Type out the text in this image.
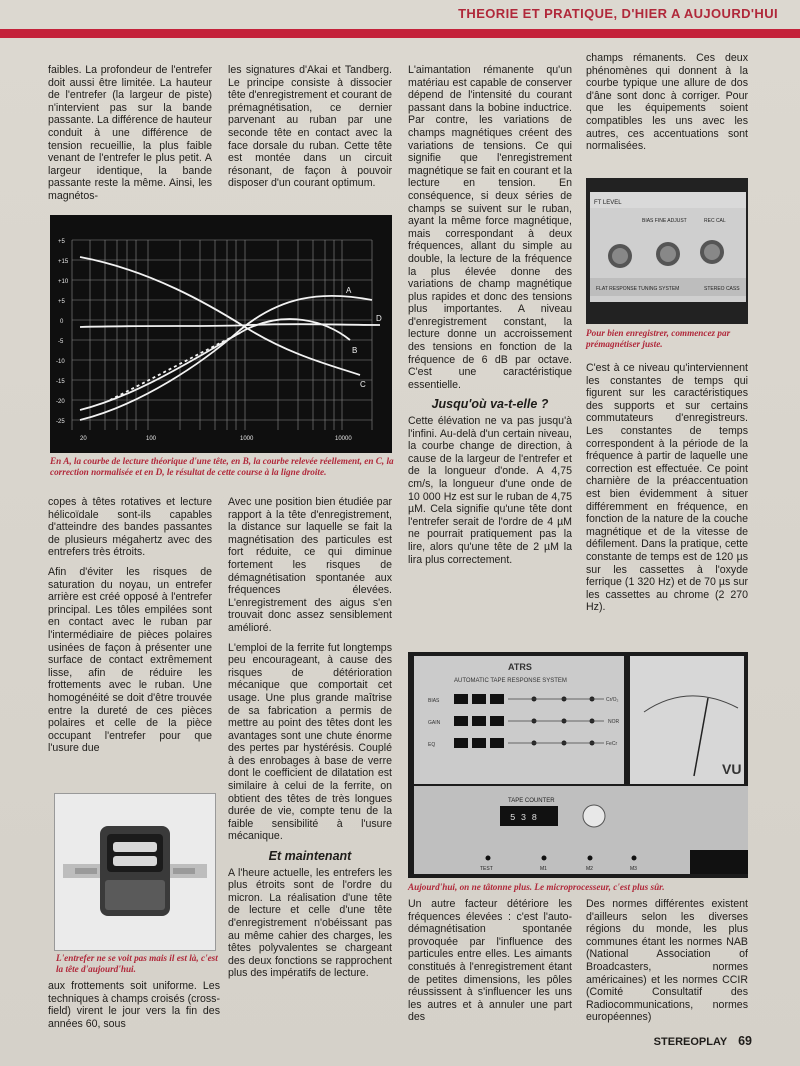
THEORIE ET PRATIQUE, D'HIER A AUJOURD'HUI

faibles. La profondeur de l'entrefer doit aussi être limitée. La hauteur de l'entrefer (la largeur de piste) n'intervient pas sur la bande passante. La différence de hauteur conduit à une différence de tension recueillie, la plus faible venant de l'entrefer le plus petit. A largeur identique, la bande passante reste la même. Ainsi, les magnétos-

les signatures d'Akai et Tandberg. Le principe consiste à dissocier tête d'enregistrement et courant de prémagnétisation, ce dernier parvenant au ruban par une seconde tête en contact avec la face dorsale du ruban. Cette tête est montée dans un circuit résonant, de façon à pouvoir disposer d'un courant optimum.

+5
+15
+10
+5
0
-5
-10
-15
-20
-25
20	100	1000	10000
A
B
C
D
En A, la courbe de lecture théorique d'une tête, en B, la courbe relevée réellement, en C, la correction normalisée et en D, le résultat de cette course à la ligne droite.

copes à têtes rotatives et lecture hélicoïdale sont-ils capables d'atteindre des bandes passantes de plusieurs mégahertz avec des entrefers très étroits.

Afin d'éviter les risques de saturation du noyau, un entrefer arrière est créé opposé à l'entrefer principal. Les tôles empilées sont en contact avec le ruban par l'intermédiaire de pièces polaires usinées de façon à présenter une surface de contact extrêmement lisse, afin de réduire les frottements avec le ruban. Une homogénéité se doit d'être trouvée entre la dureté de ces pièces polaires et celle de la pièce occupant l'entrefer pour que l'usure due

L'entrefer ne se voit pas mais il est là, c'est la tête d'aujourd'hui.

aux frottements soit uniforme. Les techniques à champs croisés (cross-field) virent le jour vers la fin des années 60, sous

Avec une position bien étudiée par rapport à la tête d'enregistrement, la distance sur laquelle se fait la magnétisation des particules est fort réduite, ce qui diminue fortement les risques de démagnétisation spontanée aux fréquences élevées. L'enregistrement des aigus s'en trouvait donc assez sensiblement amélioré.

L'emploi de la ferrite fut longtemps peu encourageant, à cause des risques de détérioration mécanique que comportait cet usage. Une plus grande maîtrise de sa fabrication a permis de mettre au point des têtes dont les avantages sont une chute énorme des pertes par hystérésis. Couplé à des enrobages à base de verre dont le coefficient de dilatation est similaire à celui de la ferrite, on obtient des têtes de très longues durée de vie, compte tenu de la faible sensibilité à l'usure mécanique.

Et maintenant

A l'heure actuelle, les entrefers les plus étroits sont de l'ordre du micron. La réalisation d'une tête de lecture et celle d'une tête d'enregistrement n'obéissant pas au même cahier des charges, les têtes polyvalentes se chargeant des deux fonctions se rapprochent plus des impératifs de lecture.

L'aimantation rémanente qu'un matériau est capable de conserver dépend de l'intensité du courant passant dans la bobine inductrice. Par contre, les variations de champs magnétiques créent des variations de tensions. Ce qui signifie que l'enregistrement magnétique se fait en courant et la lecture en tension. En conséquence, si deux séries de champs se suivent sur le ruban, ayant la même force magnétique, mais correspondant à deux fréquences, allant du simple au double, la lecture de la fréquence la plus élevée donne des variations de champ magnétique plus rapides et donc des tensions plus importantes. A niveau d'enregistrement constant, la lecture donne un accroissement des tensions en fonction de la fréquence de 6 dB par octave. C'est une caractéristique essentielle.

Jusqu'où va-t-elle ?

Cette élévation ne va pas jusqu'à l'infini. Au-delà d'un certain niveau, la courbe change de direction, à cause de la largeur de l'entrefer et de la longueur d'onde. A 4,75 cm/s, la longueur d'une onde de 10 000 Hz est sur le ruban de 4,75 µM. Cela signifie qu'une tête dont l'entrefer serait de l'ordre de 4 µM ne pourrait pratiquement pas la lire, alors qu'une tête de 2 µM la lira plus correctement.

champs rémanents. Ces deux phénomènes qui donnent à la courbe typique une allure de dos d'âne sont donc à corriger. Pour que les équipements soient compatibles les uns avec les autres, ces accentuations sont normalisées.

FT LEVEL
BIAS FINE ADJUST	REC CAL
FLAT RESPONSE TUNING SYSTEM	STEREO CASS
Pour bien enregistrer, commencez par prémagnétiser juste.

C'est à ce niveau qu'interviennent les constantes de temps qui figurent sur les caractéristiques des supports et sur certains commutateurs d'enregistreurs. Les constantes de temps correspondent à la période de la fréquence à partir de laquelle une correction est effectuée. Ce point charnière de la préaccentuation est bien évidemment à situer différemment en fréquence, en fonction de la nature de la couche magnétique et de la vitesse de défilement. Dans la pratique, cette constante de temps est de 120 µs sur les cassettes à l'oxyde ferrique (1 320 Hz) et de 70 µs sur les cassettes au chrome (2 270 Hz).

ATRS
AUTOMATIC TAPE RESPONSE SYSTEM
BIAS
GAIN
EQ
Cr/O₂
NOR
FeCr
VU
TAPE COUNTER
5 3 8
TEST	M1	M2	M3
Aujourd'hui, on ne tâtonne plus. Le microprocesseur, c'est plus sûr.

Un autre facteur détériore les fréquences élevées : c'est l'auto-démagnétisation spontanée provoquée par l'influence des particules entre elles. Les aimants constitués à l'enregistrement étant de petites dimensions, les pôles réussissent à s'influencer les uns les autres et à annuler une part des

Des normes différentes existent d'ailleurs selon les diverses régions du monde, les plus communes étant les normes NAB (National Association of Broadcasters, normes américaines) et les normes CCIR (Comité Consultatif des Radiocommunications, normes européennes)

STEREOPLAY 69
